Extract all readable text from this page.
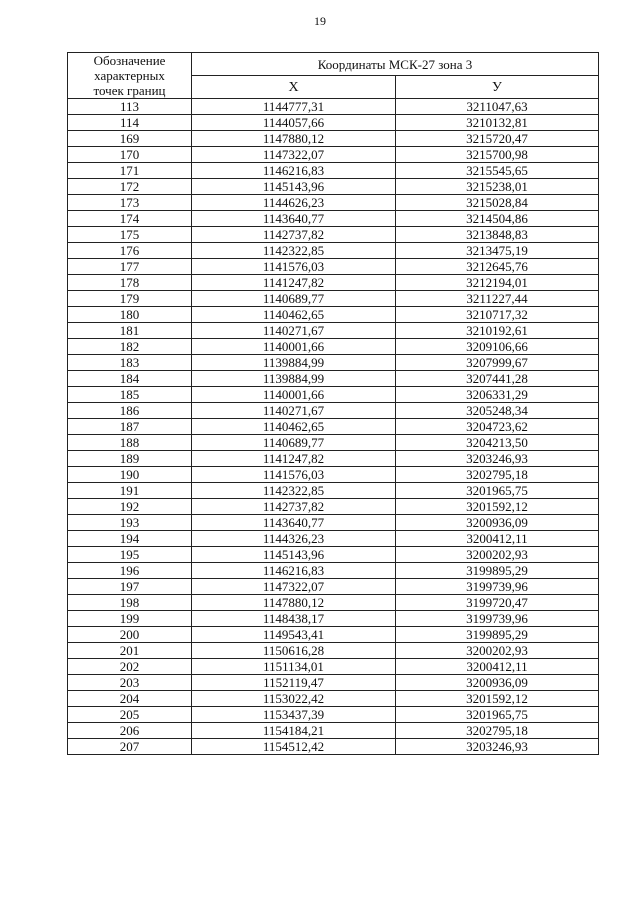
19
Обозначение
характерных
точек границ	Координаты МСК-27 зона 3	
	X	У
113	1144777,31	3211047,63
114	1144057,66	3210132,81
169	1147880,12	3215720,47
170	1147322,07	3215700,98
171	1146216,83	3215545,65
172	1145143,96	3215238,01
173	1144626,23	3215028,84
174	1143640,77	3214504,86
175	1142737,82	3213848,83
176	1142322,85	3213475,19
177	1141576,03	3212645,76
178	1141247,82	3212194,01
179	1140689,77	3211227,44
180	1140462,65	3210717,32
181	1140271,67	3210192,61
182	1140001,66	3209106,66
183	1139884,99	3207999,67
184	1139884,99	3207441,28
185	1140001,66	3206331,29
186	1140271,67	3205248,34
187	1140462,65	3204723,62
188	1140689,77	3204213,50
189	1141247,82	3203246,93
190	1141576,03	3202795,18
191	1142322,85	3201965,75
192	1142737,82	3201592,12
193	1143640,77	3200936,09
194	1144326,23	3200412,11
195	1145143,96	3200202,93
196	1146216,83	3199895,29
197	1147322,07	3199739,96
198	1147880,12	3199720,47
199	1148438,17	3199739,96
200	1149543,41	3199895,29
201	1150616,28	3200202,93
202	1151134,01	3200412,11
203	1152119,47	3200936,09
204	1153022,42	3201592,12
205	1153437,39	3201965,75
206	1154184,21	3202795,18
207	1154512,42	3203246,93
